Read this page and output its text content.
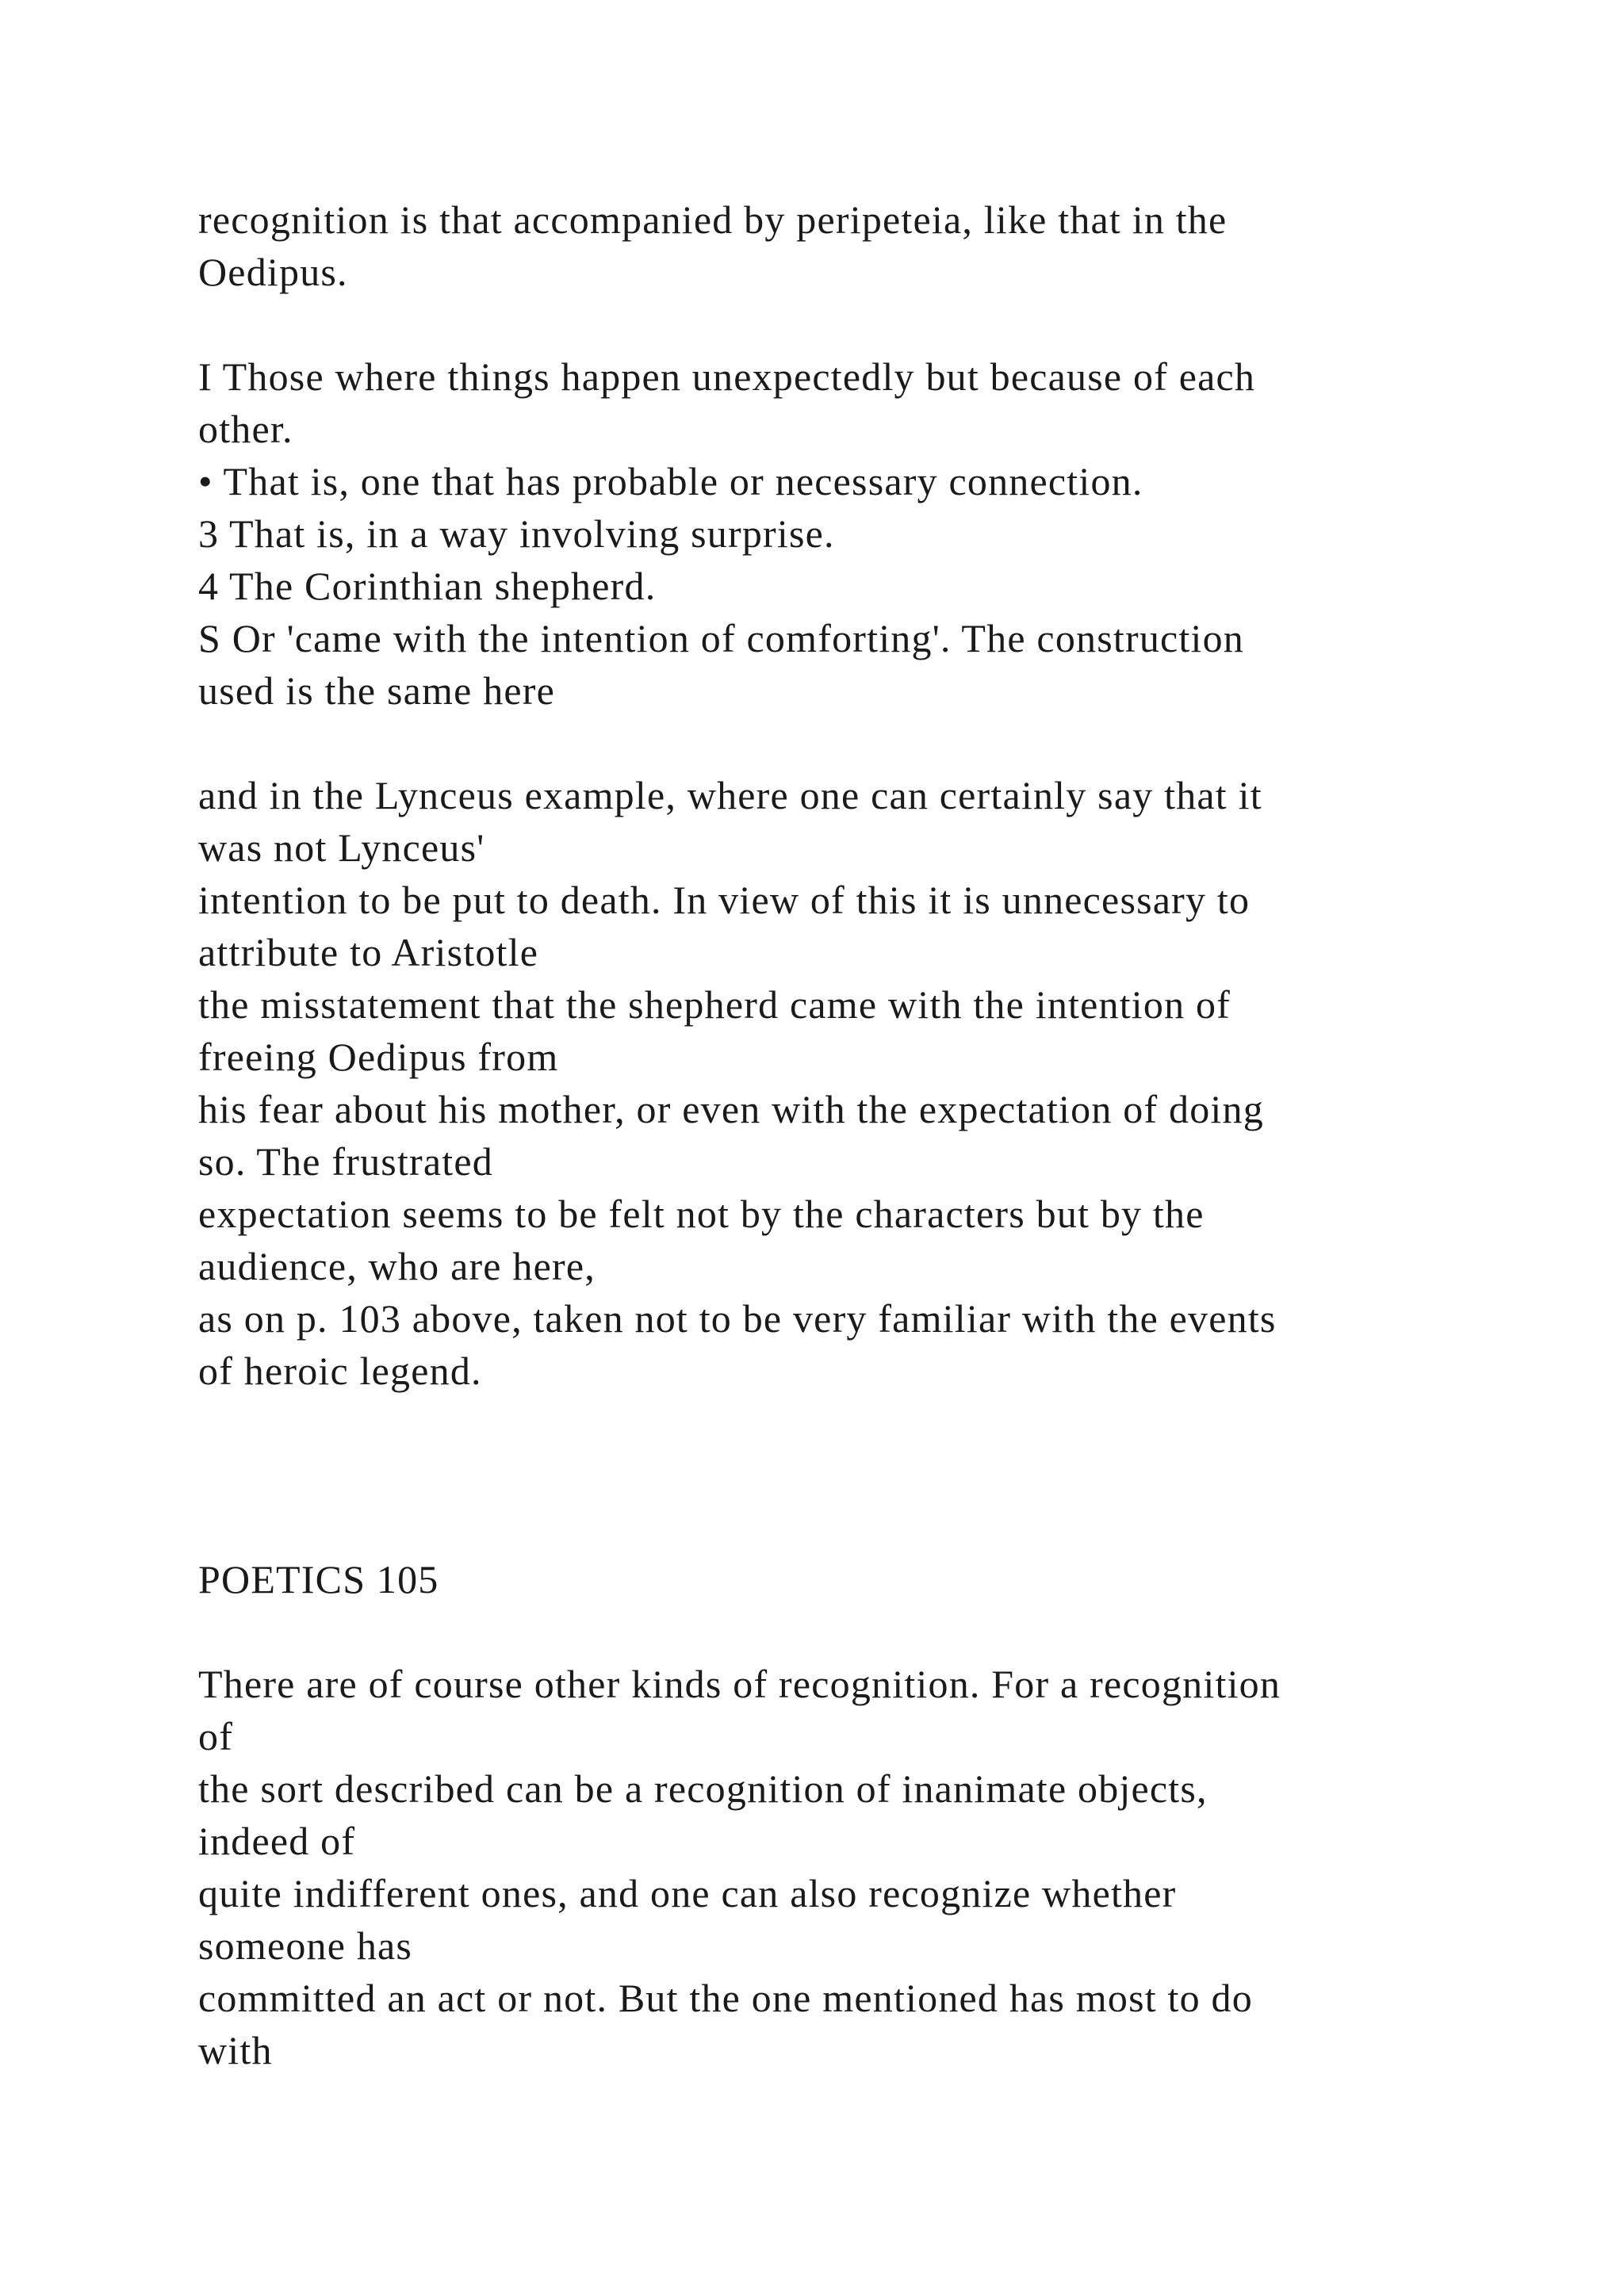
recognition is that accompanied by peripeteia, like that in the
Oedipus.
I Those where things happen unexpectedly but because of each
other.
• That is, one that has probable or necessary connection.
3 That is, in a way involving surprise.
4 The Corinthian shepherd.
S Or 'came with the intention of comforting'. The construction
used is the same here
and in the Lynceus example, where one can certainly say that it
was not Lynceus'
intention to be put to death. In view of this it is unnecessary to
attribute to Aristotle
the misstatement that the shepherd came with the intention of
freeing Oedipus from
his fear about his mother, or even with the expectation of doing
so. The frustrated
expectation seems to be felt not by the characters but by the
audience, who are here,
as on p. 103 above, taken not to be very familiar with the events
of heroic legend.
POETICS 105
There are of course other kinds of recognition. For a recognition
of
the sort described can be a recognition of inanimate objects,
indeed of
quite indifferent ones, and one can also recognize whether
someone has
committed an act or not. But the one mentioned has most to do
with
